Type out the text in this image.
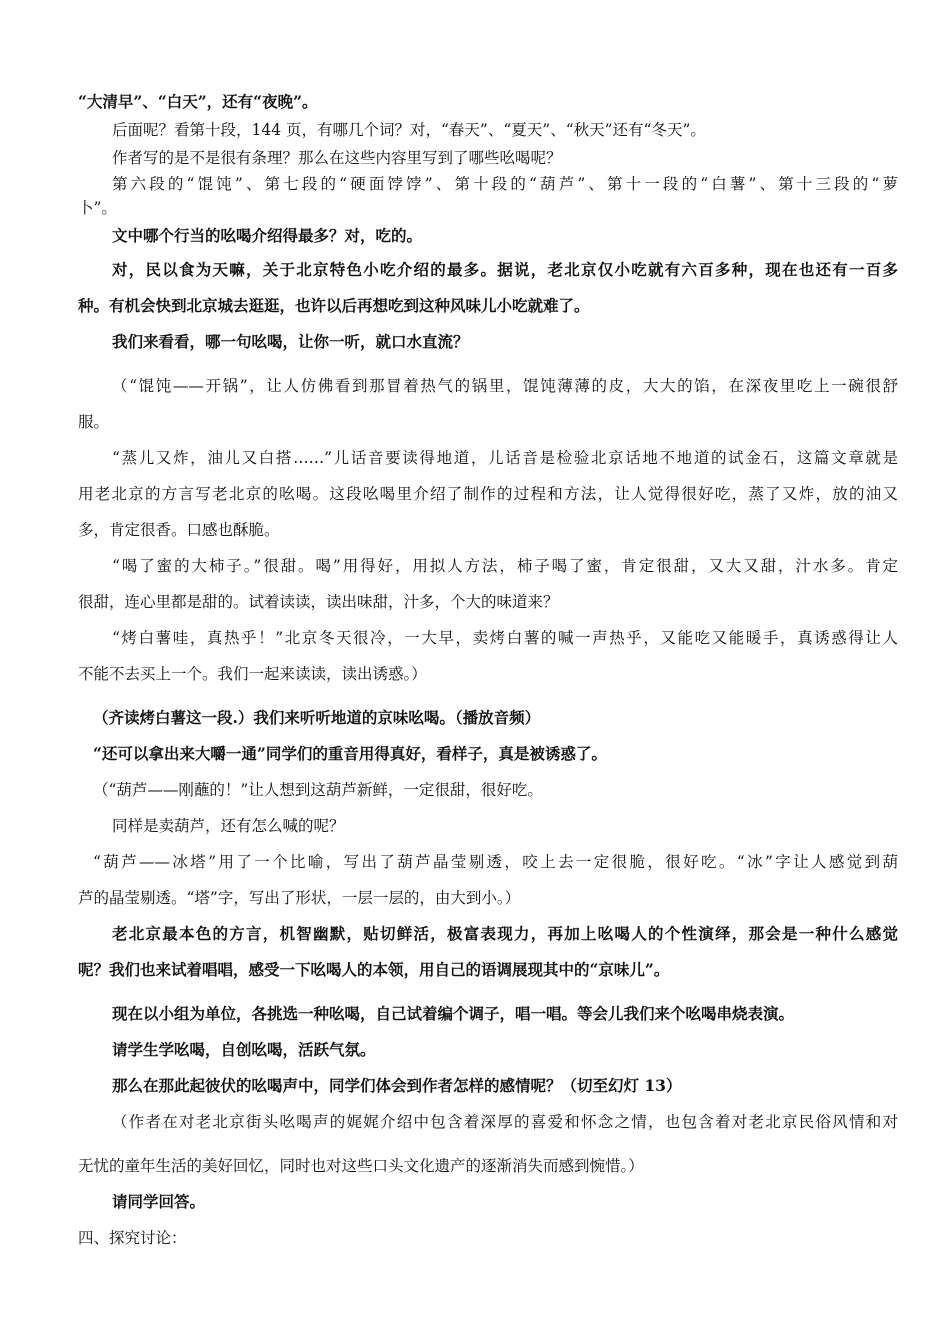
“大清早”、“白天”，还有“夜晚”。
后面呢？看第十段，144 页，有哪几个词？对，“春天”、“夏天”、“秋天”还有“冬天”。
作者写的是不是很有条理？那么在这些内容里写到了哪些吆喝呢？
第六段的“馄饨”、第七段的“硬面饽饽”、第十段的“葫芦”、第十一段的“白薯”、第十三段的“萝
卜”。
文中哪个行当的吆喝介绍得最多？对，吃的。
对，民以食为天嘛，关于北京特色小吃介绍的最多。据说，老北京仅小吃就有六百多种，现在也还有一百多
种。有机会快到北京城去逛逛，也许以后再想吃到这种风味儿小吃就难了。
我们来看看，哪一句吆喝，让你一听，就口水直流？
（“馄饨——开锅”，让人仿佛看到那冒着热气的锅里，馄饨薄薄的皮，大大的馅，在深夜里吃上一碗很舒
服。
“蒸儿又炸，油儿又白搭……”儿话音要读得地道，儿话音是检验北京话地不地道的试金石，这篇文章就是
用老北京的方言写老北京的吆喝。这段吆喝里介绍了制作的过程和方法，让人觉得很好吃，蒸了又炸，放的油又
多，肯定很香。口感也酥脆。
“喝了蜜的大柿子。”很甜。喝”用得好，用拟人方法，柿子喝了蜜，肯定很甜，又大又甜，汁水多。肯定
很甜，连心里都是甜的。试着读读，读出味甜，汁多，个大的味道来？
“烤白薯哇，真热乎！”北京冬天很冷，一大早，卖烤白薯的喊一声热乎，又能吃又能暖手，真诱惑得让人
不能不去买上一个。我们一起来读读，读出诱惑。）
（齐读烤白薯这一段.）我们来听听地道的京味吆喝。（播放音频）
“还可以拿出来大嚼一通”同学们的重音用得真好，看样子，真是被诱惑了。
（“葫芦——刚蘸的！”让人想到这葫芦新鲜，一定很甜，很好吃。
同样是卖葫芦，还有怎么喊的呢？
“葫芦——冰塔”用了一个比喻，写出了葫芦晶莹剔透，咬上去一定很脆，很好吃。“冰”字让人感觉到葫
芦的晶莹剔透。“塔”字，写出了形状，一层一层的，由大到小。）
老北京最本色的方言，机智幽默，贴切鲜活，极富表现力，再加上吆喝人的个性演绎，那会是一种什么感觉
呢？我们也来试着唱唱，感受一下吆喝人的本领，用自己的语调展现其中的“京味儿”。
现在以小组为单位，各挑选一种吆喝，自己试着编个调子，唱一唱。等会儿我们来个吆喝串烧表演。
请学生学吆喝，自创吆喝，活跃气氛。
那么在那此起彼伏的吆喝声中，同学们体会到作者怎样的感情呢？（切至幻灯 13）
（作者在对老北京街头吆喝声的娓娓介绍中包含着深厚的喜爱和怀念之情，也包含着对老北京民俗风情和对
无忧的童年生活的美好回忆，同时也对这些口头文化遗产的逐渐消失而感到惋惜。）
请同学回答。
四、探究讨论：
